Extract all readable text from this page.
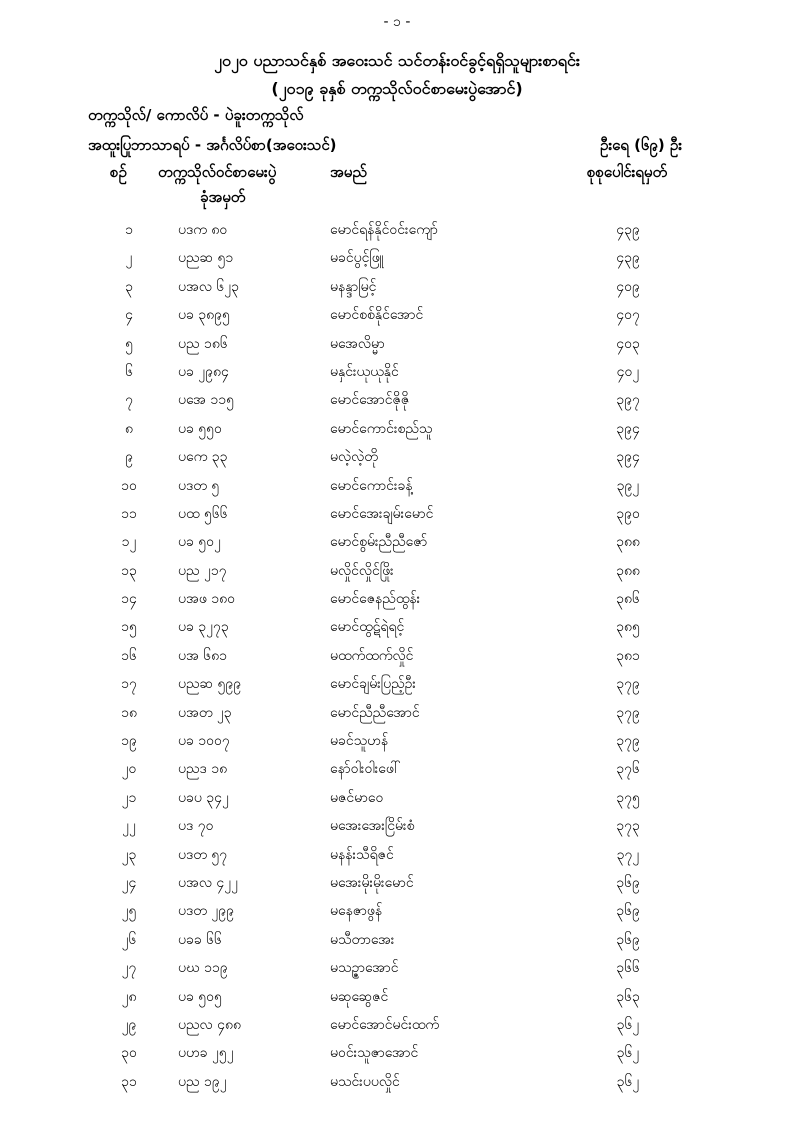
- ၁ -
၂၀၂၀ ပညာသင်နှစ် အဝေးသင် သင်တန်းဝင်ခွင့်ရရှိသူများစာရင်း
(၂၀၁၉ ခုနှစ် တက္ကသိုလ်ဝင်စာမေးပွဲအောင်)
တက္ကသိုလ်/ ကောလိပ် - ပဲခူးတက္ကသိုလ်
အထူးပြုဘာသာရပ် - အင်္ဂလိပ်စာ(အဝေးသင်)	ဦးရေ (၆၉) ဦး
စဉ် တက္ကသိုလ်ဝင်စာမေးပွဲ
ခုံအမှတ်
အမည်	စုစုပေါင်းရမှတ်
၁	ပဒက ၈၀	မောင်ရန်နိုင်ဝင်းကျော်	၄၃၉
၂	ပညဆ ၅၁	မခင်ပွင့်ဖြူ	၄၃၉
၃	ပအလ ၆၂၃	မနန္ဒာမြင့်	၄၀၉
၄	ပခ ၃၈၉၅	မောင်စစ်နိုင်အောင်	၄၀၇
၅	ပည ၁၈၆	မအေလိမ္မာ	၄၀၃
၆	ပခ ၂၉၈၄	မနှင်းယုယုနိုင်	၄၀၂
၇	ပအေ ၁၁၅	မောင်အောင်ဇိုဇို	၃၉၇
၈	ပခ ၅၅၀	မောင်ကောင်းစည်သူ	၃၉၄
၉	ပကေ ၃၃	မလဲ့လဲ့တို	၃၉၄
၁၀	ပဒတ ၅	မောင်ကောင်းခန့်	၃၉၂
၁၁	ပထ ၅၆၆	မောင်အေးချမ်းမောင်	၃၉၀
၁၂	ပခ ၅၀၂	မောင်စွမ်းညီညီဇော်	၃၈၈
၁၃	ပည ၂၁၇	မလှိုင်လှိုင်ဖြိုး	၃၈၈
၁၄	ပအဖ ၁၈၀	မောင်ဇေနည်ထွန်း	၃၈၆
၁၅	ပခ ၃၂၇၃	မောင်ထွဋ်ရဲရင့်	၃၈၅
၁၆	ပအ ၆၈၁	မထက်ထက်လှိုင်	၃၈၁
၁၇	ပညဆ ၅၉၉	မောင်ချမ်းပြည့်ဦး	၃၇၉
၁၈	ပအတ ၂၃	မောင်ညီညီအောင်	၃၇၉
၁၉	ပခ ၁၀၀၇	မခင်သူဟန်	၃၇၉
၂၀	ပညဒ ၁၈	နော်ဝါးဝါးဖေါ်	၃၇၆
၂၁	ပခပ ၃၄၂	မဇင်မာဝေ	၃၇၅
၂၂	ပဒ ၇၀	မအေးအေးငြိမ်းစံ	၃၇၃
၂၃	ပဒတ ၅၇	မနန်းသီရိဇင်	၃၇၂
၂၄	ပအလ ၄၂၂	မအေးမိုးမိုးမောင်	၃၆၉
၂၅	ပဒတ ၂၉၉	မနေဇာဖွန်	၃၆၉
၂၆	ပခခ ၆၆	မသီတာအေး	၃၆၉
၂၇	ပဃ ၁၁၉	မသဥ္ဇာအောင်	၃၆၆
၂၈	ပခ ၅၀၅	မဆုဆွေဇင်	၃၆၃
၂၉	ပညလ ၄၈၈	မောင်အောင်မင်းထက်	၃၆၂
၃၀	ပဟခ ၂၅၂	မဝင်းသူဇာအောင်	၃၆၂
၃၁	ပည ၁၉၂	မသင်းပပလှိုင်	၃၆၂
